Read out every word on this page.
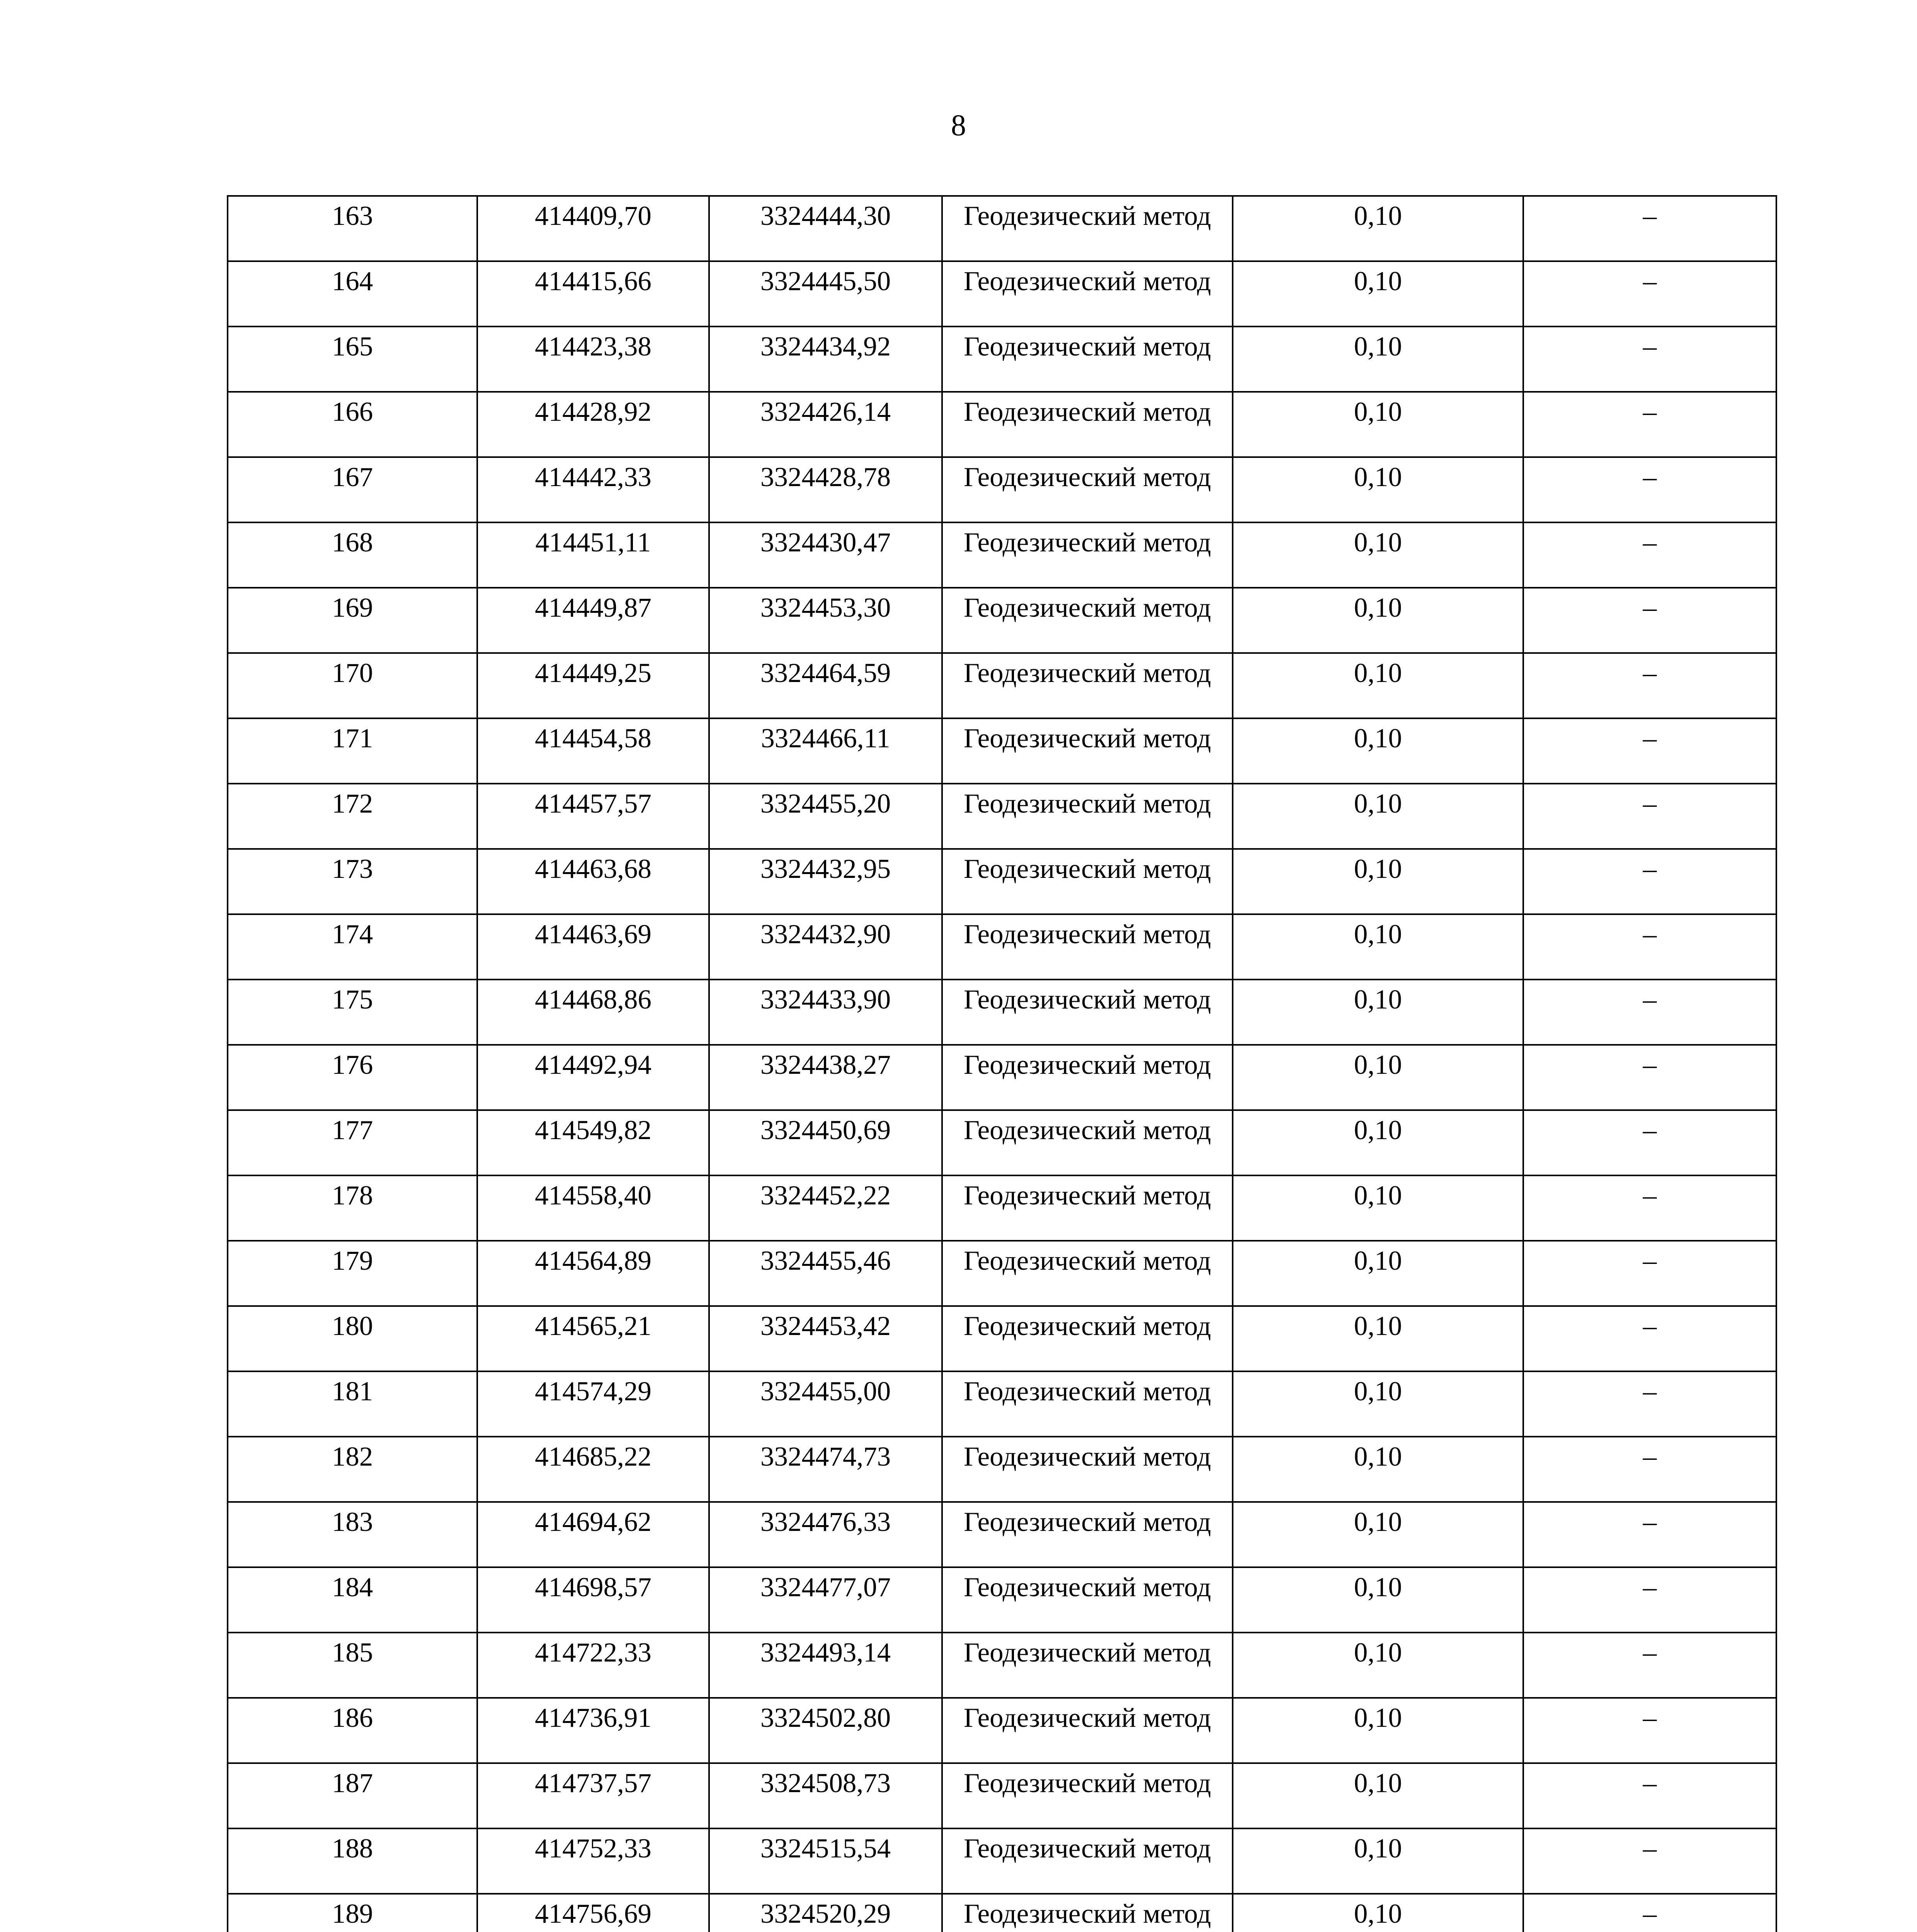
8
163	414409,70	3324444,30	Геодезический метод	0,10	–

164	414415,66	3324445,50	Геодезический метод	0,10	–

165	414423,38	3324434,92	Геодезический метод	0,10	–

166	414428,92	3324426,14	Геодезический метод	0,10	–

167	414442,33	3324428,78	Геодезический метод	0,10	–

168	414451,11	3324430,47	Геодезический метод	0,10	–

169	414449,87	3324453,30	Геодезический метод	0,10	–

170	414449,25	3324464,59	Геодезический метод	0,10	–

171	414454,58	3324466,11	Геодезический метод	0,10	–

172	414457,57	3324455,20	Геодезический метод	0,10	–

173	414463,68	3324432,95	Геодезический метод	0,10	–

174	414463,69	3324432,90	Геодезический метод	0,10	–

175	414468,86	3324433,90	Геодезический метод	0,10	–

176	414492,94	3324438,27	Геодезический метод	0,10	–

177	414549,82	3324450,69	Геодезический метод	0,10	–

178	414558,40	3324452,22	Геодезический метод	0,10	–

179	414564,89	3324455,46	Геодезический метод	0,10	–

180	414565,21	3324453,42	Геодезический метод	0,10	–

181	414574,29	3324455,00	Геодезический метод	0,10	–

182	414685,22	3324474,73	Геодезический метод	0,10	–

183	414694,62	3324476,33	Геодезический метод	0,10	–

184	414698,57	3324477,07	Геодезический метод	0,10	–

185	414722,33	3324493,14	Геодезический метод	0,10	–

186	414736,91	3324502,80	Геодезический метод	0,10	–

187	414737,57	3324508,73	Геодезический метод	0,10	–

188	414752,33	3324515,54	Геодезический метод	0,10	–

189	414756,69	3324520,29	Геодезический метод	0,10	–
